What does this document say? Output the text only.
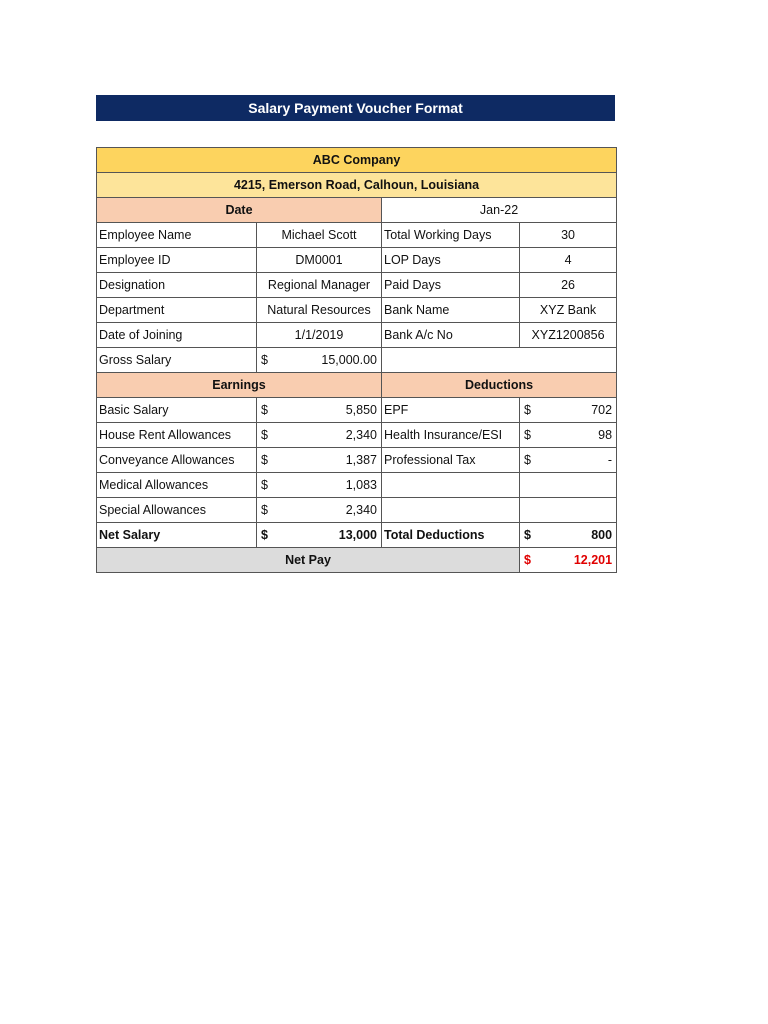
Salary Payment Voucher Format
ABC Company					
4215, Emerson Road, Calhoun, Louisiana					
Date			Jan-22		
Employee Name	Michael Scott		Total Working Days	30	
Employee ID	DM0001		LOP Days	4	
Designation	Regional Manager		Paid Days	26	
Department	Natural Resources		Bank Name	XYZ Bank	
Date of Joining	1/1/2019		Bank A/c No	XYZ1200856	
Gross Salary	$	15,000.00			
Earnings			Deductions		
Basic Salary	$	5,850	EPF	$	702
House Rent Allowances	$	2,340	Health Insurance/ESI	$	98
Conveyance Allowances	$	1,387	Professional Tax	$	-
Medical Allowances	$	1,083			
Special Allowances	$	2,340			
Net Salary	$	13,000	Total Deductions	$	800
Net Pay				$	12,201
